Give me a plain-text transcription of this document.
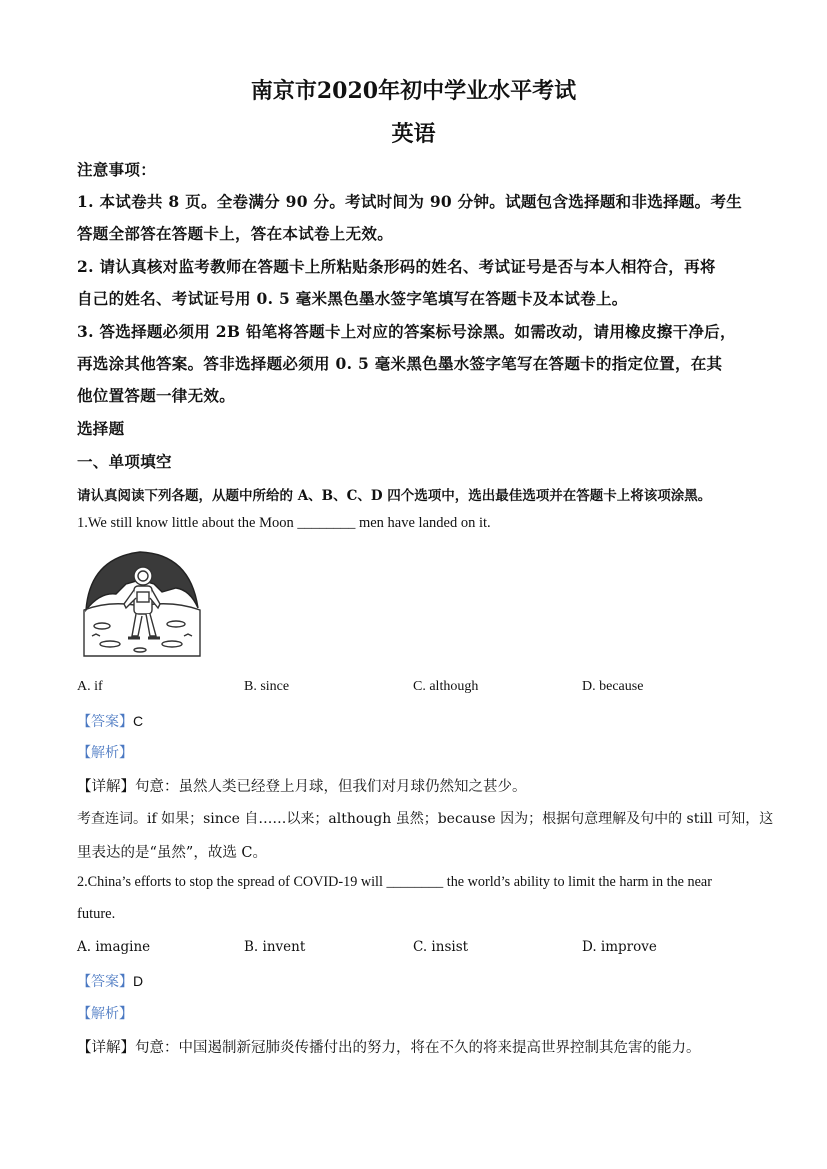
南京市2020年初中学业水平考试
英语
注意事项：
1. 本试卷共 8 页。全卷满分 90 分。考试时间为 90 分钟。试题包含选择题和非选择题。考生
答题全部答在答题卡上，答在本试卷上无效。
2. 请认真核对监考教师在答题卡上所粘贴条形码的姓名、考试证号是否与本人相符合，再将
自己的姓名、考试证号用 0. 5 毫米黑色墨水签字笔填写在答题卡及本试卷上。
3. 答选择题必须用 2B 铅笔将答题卡上对应的答案标号涂黑。如需改动，请用橡皮擦干净后，
再选涂其他答案。答非选择题必须用 0. 5 毫米黑色墨水签字笔写在答题卡的指定位置，在其
他位置答题一律无效。
选择题
一、单项填空
请认真阅读下列各题，从题中所给的 A、B、C、D 四个选项中，选出最佳选项并在答题卡上将该项涂黑。
1.We still know little about the Moon ________ men have landed on it.
A. if	B. since	C. although	D. because
【答案】C
【解析】
【详解】句意：虽然人类已经登上月球，但我们对月球仍然知之甚少。
考查连词。if 如果；since 自……以来；although 虽然；because 因为；根据句意理解及句中的 still 可知，这
里表达的是“虽然”，故选 C。
2.China’s efforts to stop the spread of COVID-19 will ________ the world’s ability to limit the harm in the near
future.
A. imagine	B. invent	C. insist	D. improve
【答案】D
【解析】
【详解】句意：中国遏制新冠肺炎传播付出的努力，将在不久的将来提高世界控制其危害的能力。
